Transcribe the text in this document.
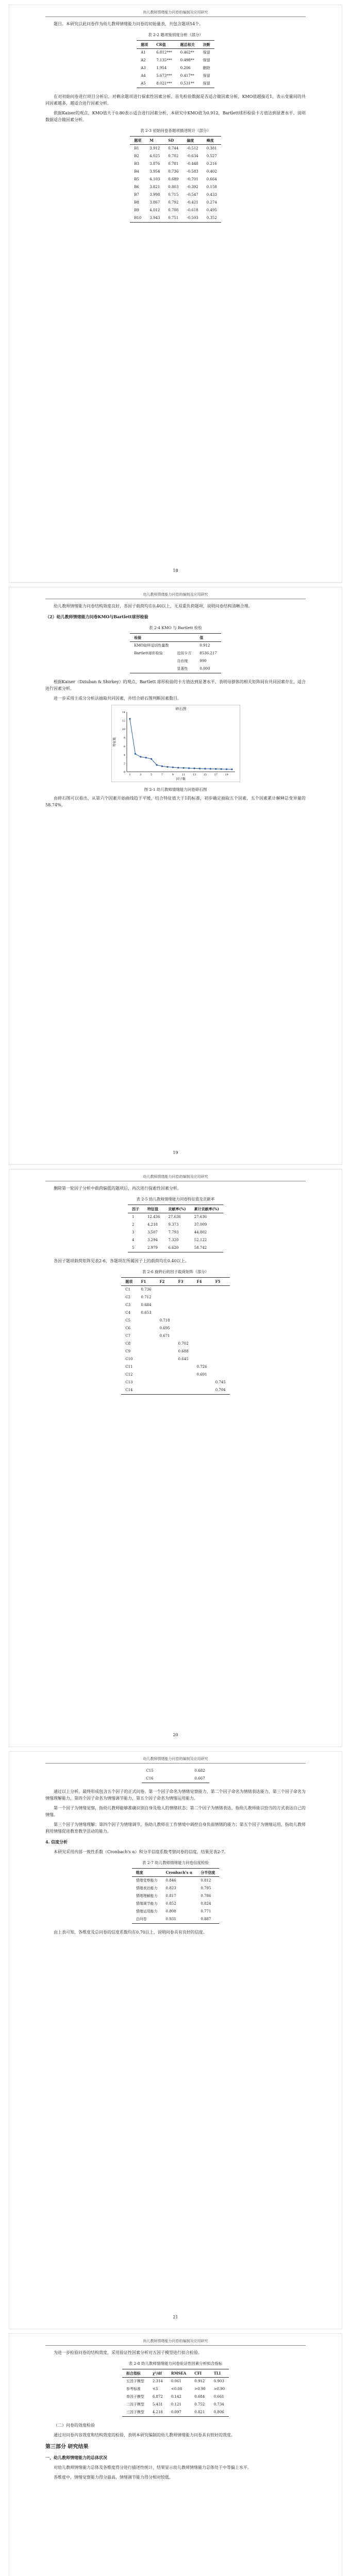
幼儿教师情绪能力问卷的编制及应用研究

题目。本研究以此问卷作为幼儿教师情绪能力问卷的初始量表，共包含题项54个。

表 2-2 题项鉴别度分析（部分）
题项	CR值	题总相关	决断
A1	6.812***	0.462**	保留
A2	7.135***	0.498**	保留
A3	1.954	0.206	删除
A4	5.673***	0.417**	保留
A5	8.021***	0.531**	保留

在对初始问卷进行项目分析后，对剩余题项进行探索性因素分析。首先检验数据是否适合做因素分析，KMO值越接近1，表示变量间的共同因素越多，越适合进行因素分析。

依据Kaiser的观点，KMO值大于0.80表示适合进行因素分析，本研究中KMO值为0.912，Bartlett球形检验卡方值达到显著水平，说明数据适合做因素分析。

表 2-3 初始问卷各题项描述统计（部分）
题项	M	SD	偏度	峰度
B1	3.912	0.744	-0.512	0.381
B2	4.025	0.702	-0.634	0.527
B3	3.876	0.781	-0.448	0.216
B4	3.954	0.736	-0.583	0.402
B5	4.103	0.689	-0.701	0.664
B6	3.821	0.803	-0.392	0.158
B7	3.998	0.715	-0.547	0.433
B8	3.867	0.792	-0.421	0.274
B9	4.012	0.708	-0.618	0.495
B10	3.943	0.751	-0.503	0.352
18
幼儿教师情绪能力问卷的编制及应用研究

幼儿教师情绪能力问卷结构效度良好，各因子载荷均在0.40以上，无双重负荷题项，说明问卷结构清晰合理。

（2）幼儿教师情绪能力问卷KMO与Bartlett球形检验
表 2-4 KMO 与 Bartlett 检验
检验		值
KMO取样适切性量数		0.912
Bartlett球形检验	近似卡方	8536.217
	自由度	990
	显著性	0.000

根据Kaiser（Dziuban & Shirkey）的观点，Bartlett 球形检验的卡方值达到显著水平，表明母群体的相关矩阵间有共同因素存在，适合进行因素分析。

进一步采用主成分分析法抽取共同因素，并结合碎石图判断因素数目。

碎石图
0
2
4
6
8
10
12
14
1	3	5	7	9	11	13	15	17	19
因子数
特征值
图 2-1 幼儿教师情绪能力问卷碎石图

由碎石图可以看出，从第六个因素开始曲线趋于平缓，结合特征值大于1的标准，初步确定抽取五个因素，五个因素累计解释总变异量的58.74%。

19
幼儿教师情绪能力问卷的编制及应用研究

删除第一轮因子分析中载荷偏低的题项后，再次进行探索性因素分析。

表 2-5 幼儿教师情绪能力问卷特征值及贡献率
因子	特征值	贡献率(%)	累计贡献率(%)
1	12.436	27.636	27.636
2	4.218	9.373	37.009
3	3.507	7.793	44.802
4	3.294	7.320	52.122
5	2.979	6.620	58.742

各因子题项载荷矩阵见表2-6，各题项在所属因子上的载荷均在0.40以上。

表 2-6 旋转后的因子载荷矩阵（部分）
题项	F1	F2	F3	F4	F5
C1	0.736				
C2	0.712				
C3	0.684				
C4	0.653				
C5		0.718			
C6		0.695			
C7		0.671			
C8			0.702		
C9			0.688		
C10			0.645		
C11				0.726	
C12				0.691	
C13					0.745
C14					0.704
20
幼儿教师情绪能力问卷的编制及应用研究
C15					0.682
C16					0.667

通过以上分析，最终形成包含五个因子的正式问卷。第一个因子命名为情绪觉察能力，第二个因子命名为情绪表达能力，第三个因子命名为情绪理解能力，第四个因子命名为情绪调节能力，第五个因子命名为情绪运用能力。

第一个因子为情绪觉察，指幼儿教师能够准确识别自身及他人的情绪状态；第二个因子为情绪表达，指幼儿教师能以恰当的方式表达自己的情绪。

第三个因子为情绪理解；第四个因子为情绪调节，指幼儿教师在工作情境中调控自身负面情绪的能力；第五个因子为情绪运用，指幼儿教师利用情绪促进教育教学活动的能力。

4. 信度分析

本研究采用内部一致性系数（Cronbach's α）和分半信度系数考察问卷的信度，结果见表2-7。

表 2-7 幼儿教师情绪能力问卷信度检验
维度	Cronbach's α	分半信度
情绪觉察能力	0.846	0.812
情绪表达能力	0.823	0.795
情绪理解能力	0.817	0.786
情绪调节能力	0.852	0.824
情绪运用能力	0.808	0.771
总问卷	0.931	0.887

由上表可知，各维度及总问卷的信度系数均在0.70以上，说明问卷具有良好的信度。

21
幼儿教师情绪能力问卷的编制及应用研究

为进一步检验问卷的结构效度，采用验证性因素分析对五因子模型进行拟合检验。

表 2-8 幼儿教师情绪能力问卷验证性因素分析拟合指标
拟合指标	χ²/df	RMSEA	CFI	TLI
五因子模型	2.314	0.061	0.912	0.903
参考标准	<3	<0.08	>0.90	>0.90
单因子模型	6.872	0.142	0.684	0.661
二因子模型	5.431	0.121	0.752	0.734
三因子模型	4.218	0.097	0.821	0.806
（二）问卷的效度检验

通过对问卷内容效度和结构效度的检验，表明本研究编制的幼儿教师情绪能力问卷具有较好的效度。

第三部分 研究结果
一、幼儿教师情绪能力的总体状况

对幼儿教师情绪能力总体及各维度得分进行描述性统计，结果显示幼儿教师情绪能力总体处于中等偏上水平。

各维度中，情绪觉察能力得分最高，情绪调节能力得分相对较低。
